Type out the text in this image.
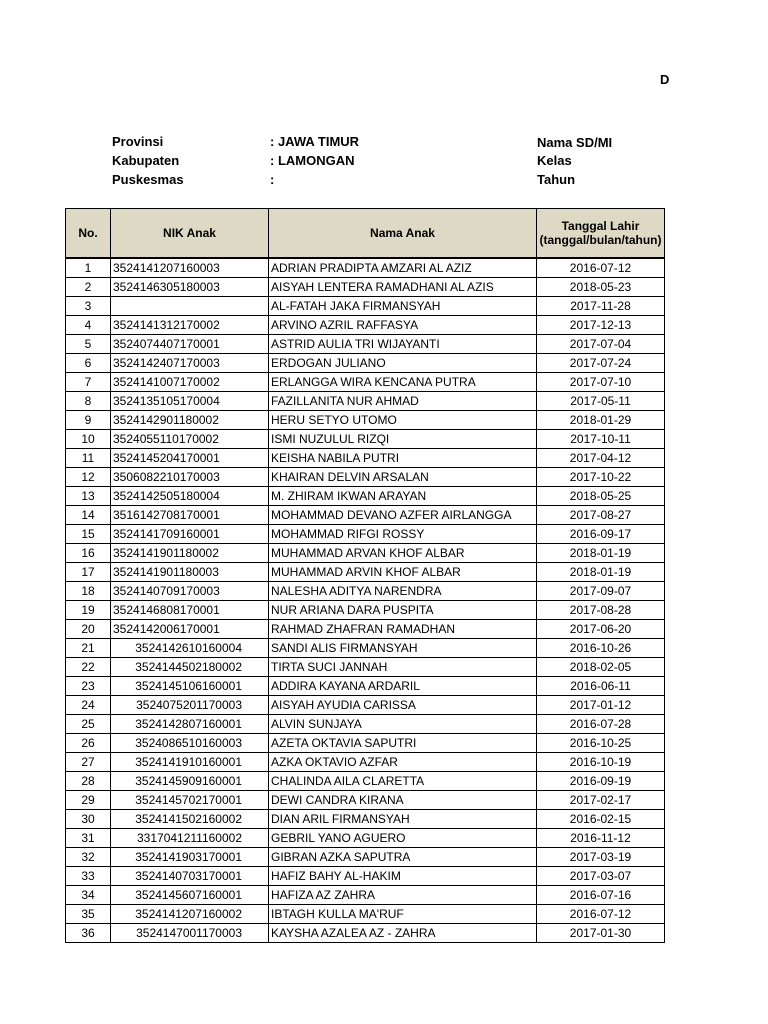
D
Provinsi	: JAWA TIMUR
Kabupaten	: LAMONGAN
Puskesmas	:
Nama SD/MI
Kelas
Tahun
No.	NIK Anak	Nama Anak	Tanggal Lahir
(tanggal/bulan/tahun)
1	3524141207160003	ADRIAN PRADIPTA AMZARI AL AZIZ	2016-07-12
2	3524146305180003	AISYAH LENTERA RAMADHANI AL AZIS	2018-05-23
3		AL-FATAH JAKA FIRMANSYAH	2017-11-28
4	3524141312170002	ARVINO AZRIL RAFFASYA	2017-12-13
5	3524074407170001	ASTRID AULIA TRI WIJAYANTI	2017-07-04
6	3524142407170003	ERDOGAN JULIANO	2017-07-24
7	3524141007170002	ERLANGGA WIRA KENCANA PUTRA	2017-07-10
8	3524135105170004	FAZILLANITA NUR AHMAD	2017-05-11
9	3524142901180002	HERU SETYO UTOMO	2018-01-29
10	3524055110170002	ISMI NUZULUL RIZQI	2017-10-11
11	3524145204170001	KEISHA NABILA PUTRI	2017-04-12
12	3506082210170003	KHAIRAN DELVIN ARSALAN	2017-10-22
13	3524142505180004	M. ZHIRAM IKWAN ARAYAN	2018-05-25
14	3516142708170001	MOHAMMAD DEVANO AZFER AIRLANGGA	2017-08-27
15	3524141709160001	MOHAMMAD RIFGI ROSSY	2016-09-17
16	3524141901180002	MUHAMMAD ARVAN KHOF ALBAR	2018-01-19
17	3524141901180003	MUHAMMAD ARVIN KHOF ALBAR	2018-01-19
18	3524140709170003	NALESHA ADITYA NARENDRA	2017-09-07
19	3524146808170001	NUR ARIANA DARA PUSPITA	2017-08-28
20	3524142006170001	RAHMAD ZHAFRAN RAMADHAN	2017-06-20
21	3524142610160004	SANDI ALIS FIRMANSYAH	2016-10-26
22	3524144502180002	TIRTA SUCI JANNAH	2018-02-05
23	3524145106160001	ADDIRA KAYANA ARDARIL	2016-06-11
24	3524075201170003	AISYAH AYUDIA CARISSA	2017-01-12
25	3524142807160001	ALVIN SUNJAYA	2016-07-28
26	3524086510160003	AZETA OKTAVIA SAPUTRI	2016-10-25
27	3524141910160001	AZKA OKTAVIO AZFAR	2016-10-19
28	3524145909160001	CHALINDA AILA CLARETTA	2016-09-19
29	3524145702170001	DEWI CANDRA KIRANA	2017-02-17
30	3524141502160002	DIAN ARIL FIRMANSYAH	2016-02-15
31	3317041211160002	GEBRIL YANO AGUERO	2016-11-12
32	3524141903170001	GIBRAN AZKA SAPUTRA	2017-03-19
33	3524140703170001	HAFIZ BAHY AL-HAKIM	2017-03-07
34	3524145607160001	HAFIZA AZ ZAHRA	2016-07-16
35	3524141207160002	IBTAGH KULLA MA'RUF	2016-07-12
36	3524147001170003	KAYSHA AZALEA AZ - ZAHRA	2017-01-30
